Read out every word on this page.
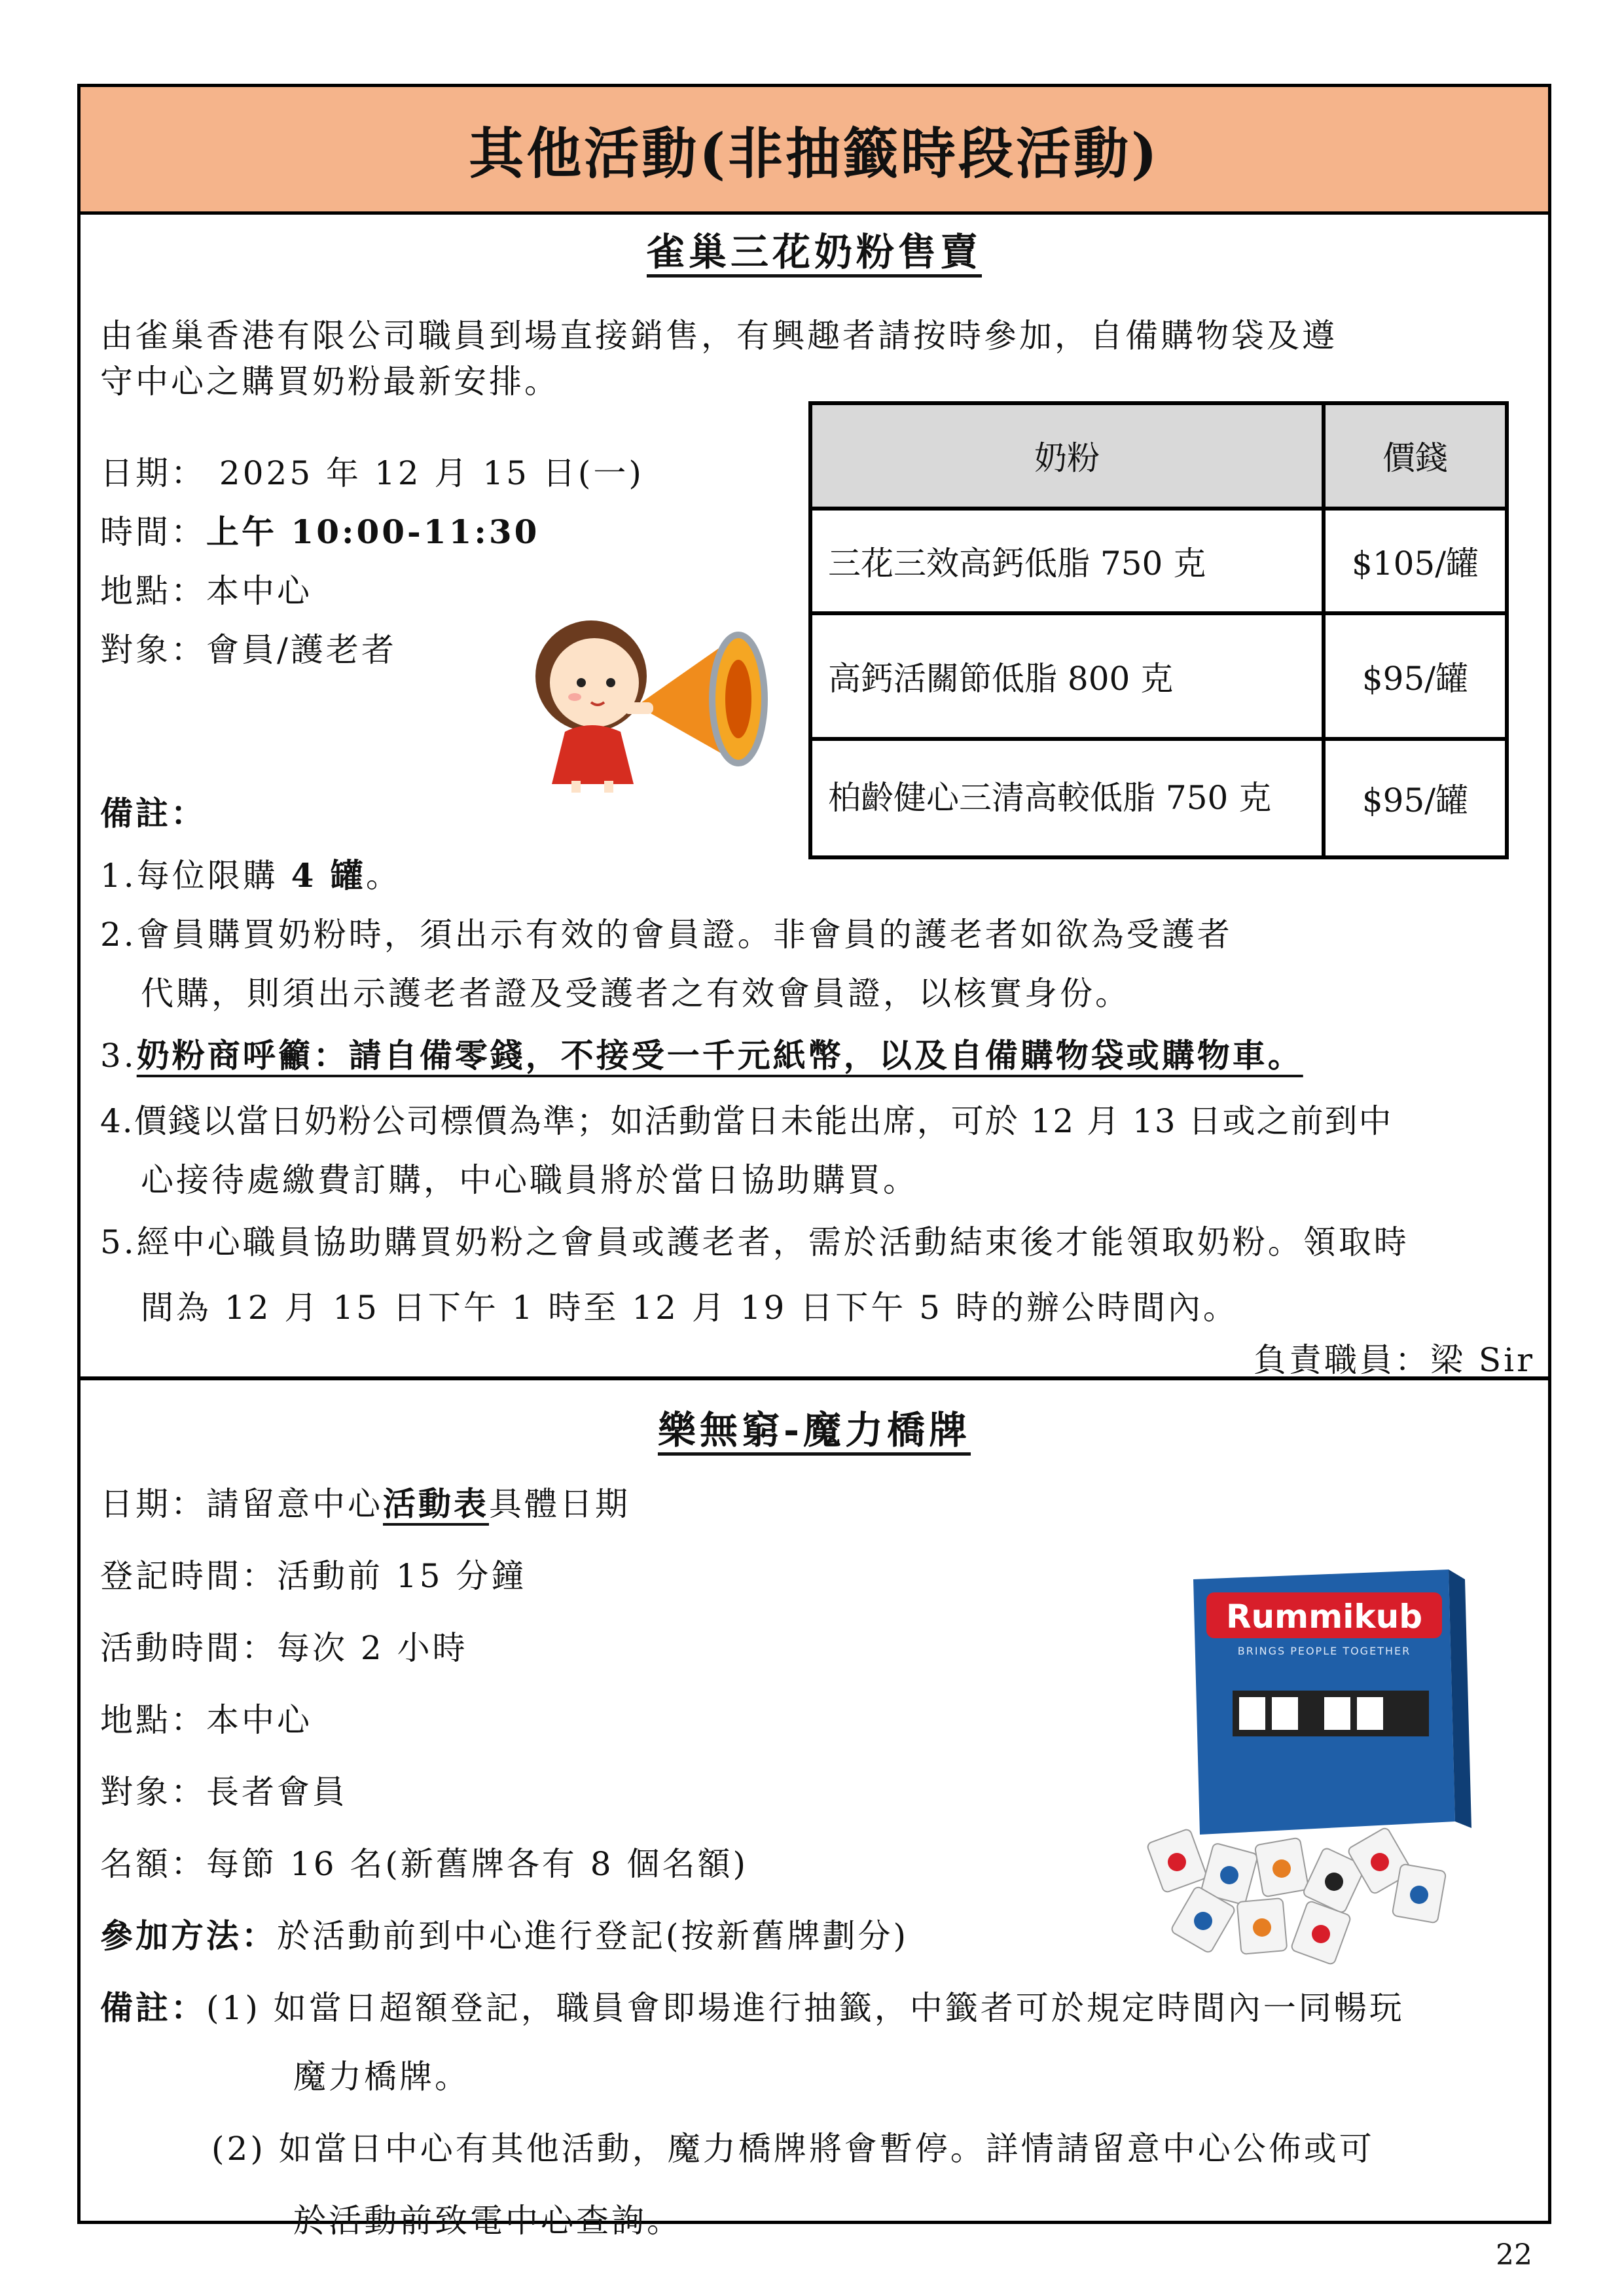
其他活動(非抽籤時段活動)
雀巢三花奶粉售賣
由雀巢香港有限公司職員到場直接銷售，有興趣者請按時參加，自備購物袋及遵
守中心之購買奶粉最新安排。
日期： 2025 年 12 月 15 日(一)
時間：上午 10:00-11:30
地點：本中心
對象：會員/護老者
奶粉	價錢
三花三效高鈣低脂 750 克	$105/罐
高鈣活關節低脂 800 克	$95/罐
柏齡健心三清高較低脂 750 克	$95/罐
備註：
1.每位限購 4 罐。
2.會員購買奶粉時，須出示有效的會員證。非會員的護老者如欲為受護者
代購，則須出示護老者證及受護者之有效會員證，以核實身份。
3.奶粉商呼籲：請自備零錢，不接受一千元紙幣，以及自備購物袋或購物車。
4.價錢以當日奶粉公司標價為準；如活動當日未能出席，可於 12 月 13 日或之前到中
心接待處繳費訂購，中心職員將於當日協助購買。
5.經中心職員協助購買奶粉之會員或護老者，需於活動結束後才能領取奶粉。領取時
間為 12 月 15 日下午 1 時至 12 月 19 日下午 5 時的辦公時間內。
負責職員：梁 Sir
樂無窮-魔力橋牌
日期：請留意中心活動表具體日期
登記時間：活動前 15 分鐘
活動時間：每次 2 小時
地點：本中心
對象：長者會員
名額：每節 16 名(新舊牌各有 8 個名額)
參加方法：於活動前到中心進行登記(按新舊牌劃分)
備註：(1) 如當日超額登記，職員會即場進行抽籤，中籤者可於規定時間內一同暢玩
魔力橋牌。
(2) 如當日中心有其他活動，魔力橋牌將會暫停。詳情請留意中心公佈或可
於活動前致電中心查詢。
Rummikub
BRINGS PEOPLE TOGETHER
22
